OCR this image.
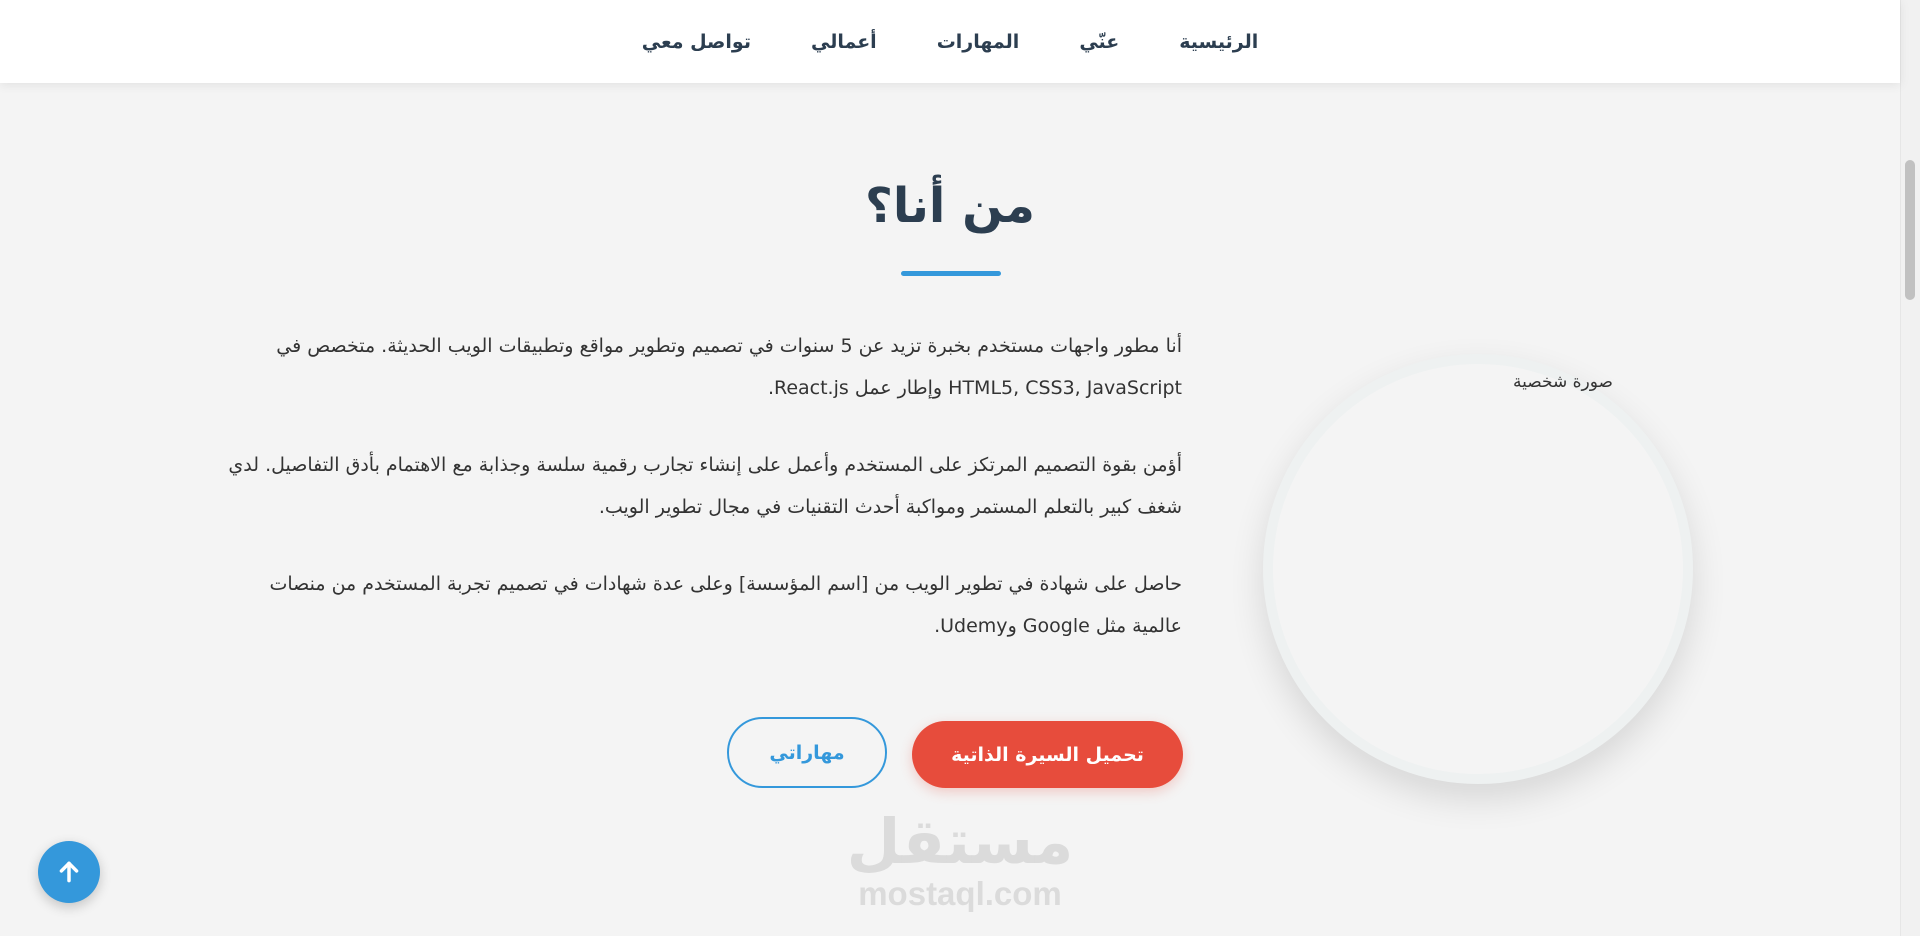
الرئيسية
عنّي
المهارات
أعمالي
تواصل معي
من أنا؟

أنا مطور واجهات مستخدم بخبرة تزيد عن 5 سنوات في تصميم وتطوير مواقع وتطبيقات الويب الحديثة. متخصص في HTML5, CSS3, JavaScript وإطار عمل React.js.

أؤمن بقوة التصميم المرتكز على المستخدم وأعمل على إنشاء تجارب رقمية سلسة وجذابة مع الاهتمام بأدق التفاصيل. لدي شغف كبير بالتعلم المستمر ومواكبة أحدث التقنيات في مجال تطوير الويب.

حاصل على شهادة في تطوير الويب من [اسم المؤسسة] وعلى عدة شهادات في تصميم تجربة المستخدم من منصات عالمية مثل Google وUdemy.

تحميل السيرة الذاتية
مهاراتي
صورة شخصية
مستقل
mostaql.com
